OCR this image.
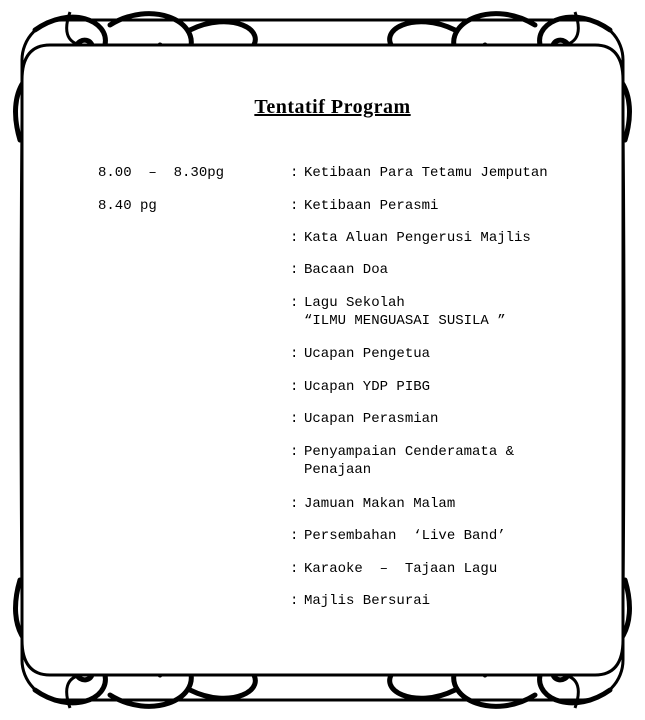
Tentatif Program
8.00  –  8.30pg	: Ketibaan Para Tetamu Jemputan
8.40 pg	: Ketibaan Perasmi
: Kata Aluan Pengerusi Majlis
: Bacaan Doa
: Lagu Sekolah
“ILMU MENGUASAI SUSILA ”
: Ucapan Pengetua
: Ucapan YDP PIBG
: Ucapan Perasmian
: Penyampaian Cenderamata &
Penajaan
: Jamuan Makan Malam
: Persembahan  ‘Live Band’
: Karaoke  –  Tajaan Lagu
: Majlis Bersurai
